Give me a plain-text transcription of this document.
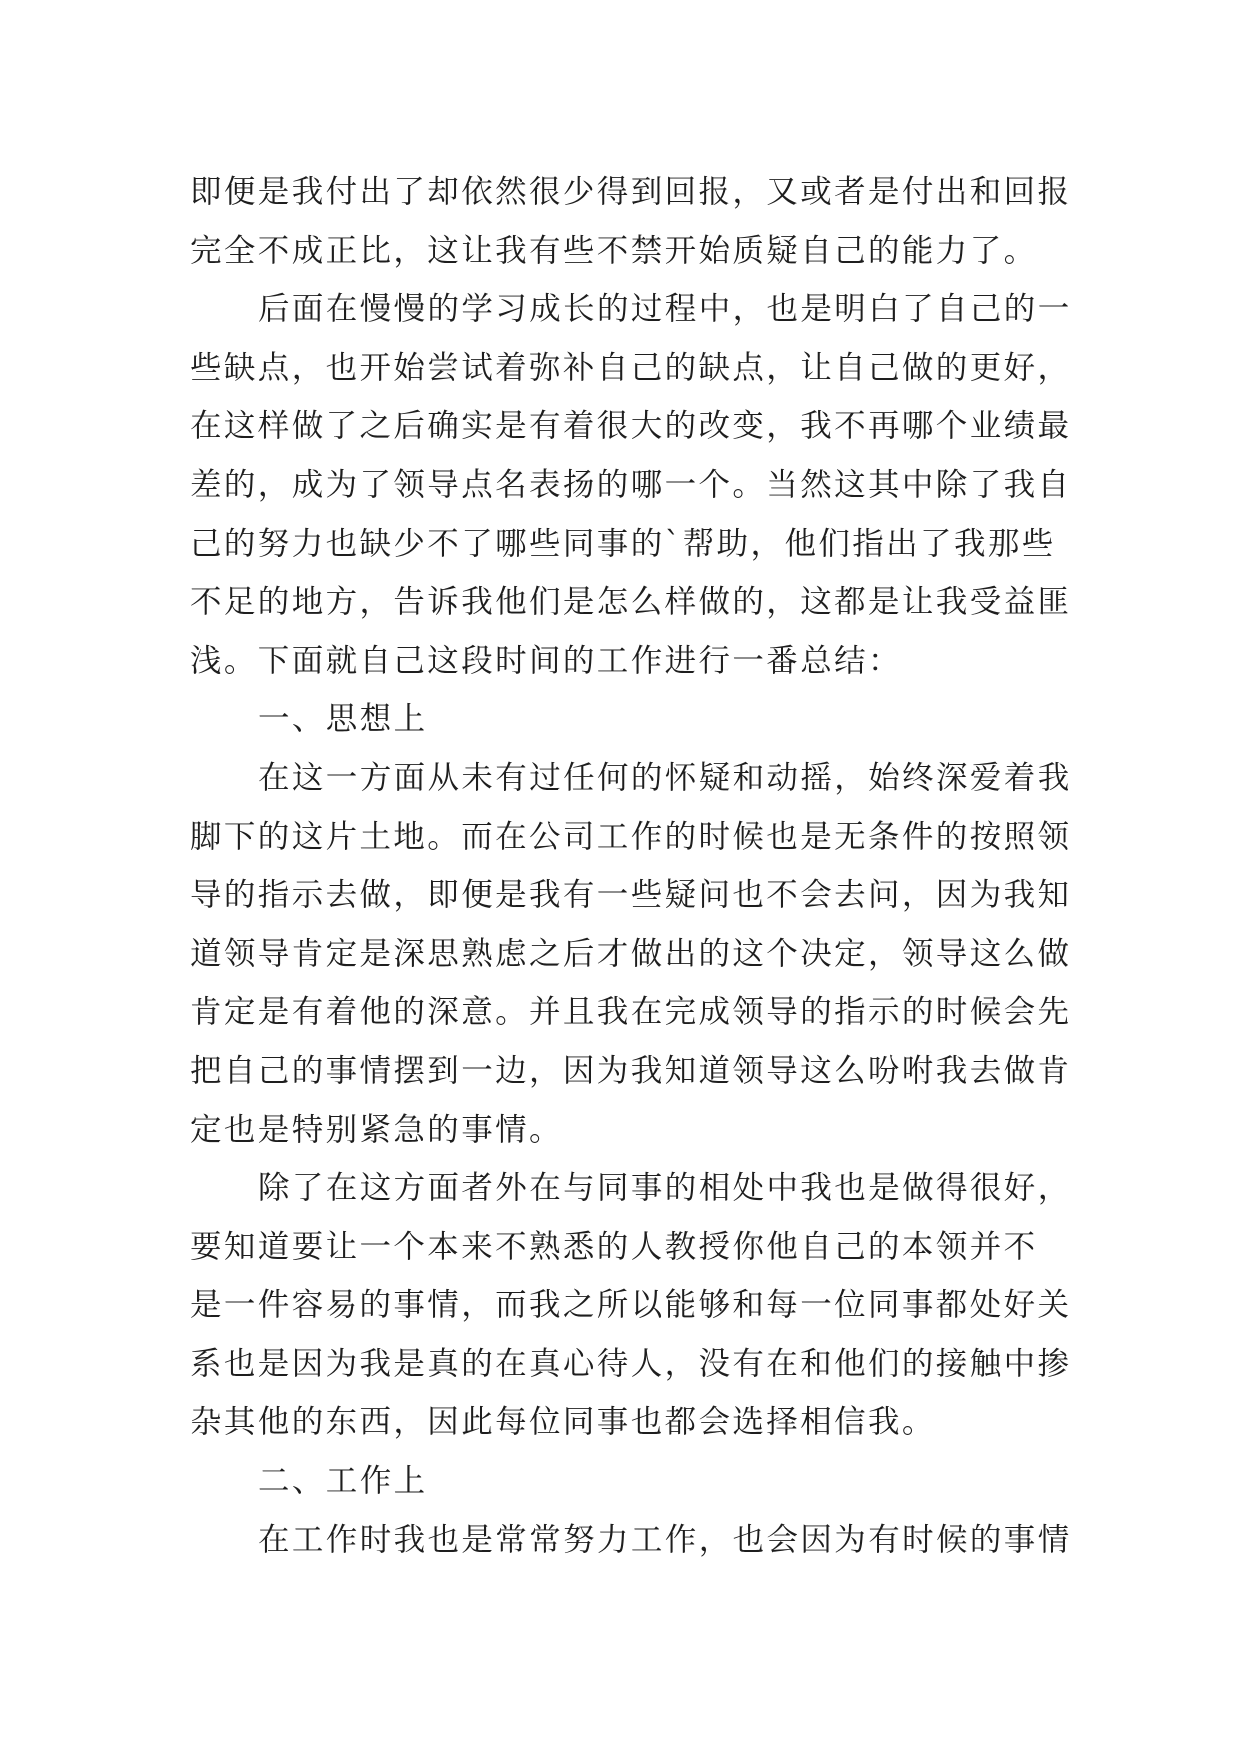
即便是我付出了却依然很少得到回报，又或者是付出和回报
完全不成正比，这让我有些不禁开始质疑自己的能力了。
后面在慢慢的学习成长的过程中，也是明白了自己的一
些缺点，也开始尝试着弥补自己的缺点，让自己做的更好，
在这样做了之后确实是有着很大的改变，我不再哪个业绩最
差的，成为了领导点名表扬的哪一个。当然这其中除了我自
己的努力也缺少不了哪些同事的`帮助，他们指出了我那些
不足的地方，告诉我他们是怎么样做的，这都是让我受益匪
浅。下面就自己这段时间的工作进行一番总结：
一、思想上
在这一方面从未有过任何的怀疑和动摇，始终深爱着我
脚下的这片土地。而在公司工作的时候也是无条件的按照领
导的指示去做，即便是我有一些疑问也不会去问，因为我知
道领导肯定是深思熟虑之后才做出的这个决定，领导这么做
肯定是有着他的深意。并且我在完成领导的指示的时候会先
把自己的事情摆到一边，因为我知道领导这么吩咐我去做肯
定也是特别紧急的事情。
除了在这方面者外在与同事的相处中我也是做得很好，
要知道要让一个本来不熟悉的人教授你他自己的本领并不
是一件容易的事情，而我之所以能够和每一位同事都处好关
系也是因为我是真的在真心待人，没有在和他们的接触中掺
杂其他的东西，因此每位同事也都会选择相信我。
二、工作上
在工作时我也是常常努力工作，也会因为有时候的事情
